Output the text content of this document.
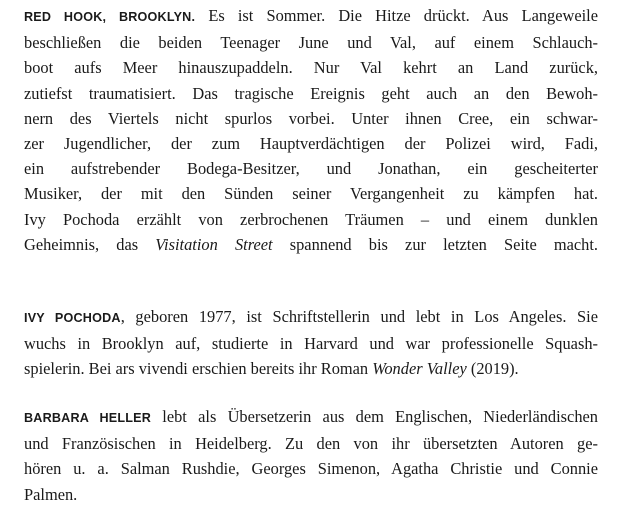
RED HOOK, BROOKLYN. Es ist Sommer. Die Hitze drückt. Aus Langeweile
beschließen die beiden Teenager June und Val, auf einem Schlauch-
boot aufs Meer hinauszupaddeln. Nur Val kehrt an Land zurück,
zutiefst traumatisiert. Das tragische Ereignis geht auch an den Bewoh-
nern des Viertels nicht spurlos vorbei. Unter ihnen Cree, ein schwar-
zer Jugendlicher, der zum Hauptverdächtigen der Polizei wird, Fadi,
ein aufstrebender Bodega-Besitzer, und Jonathan, ein gescheiterter
Musiker, der mit den Sünden seiner Vergangenheit zu kämpfen hat.
Ivy Pochoda erzählt von zerbrochenen Träumen – und einem dunklen
Geheimnis, das Visitation Street spannend bis zur letzten Seite macht.
IVY POCHODA, geboren 1977, ist Schriftstellerin und lebt in Los Angeles. Sie
wuchs in Brooklyn auf, studierte in Harvard und war professionelle Squash-
spielerin. Bei ars vivendi erschien bereits ihr Roman Wonder Valley (2019).
BARBARA HELLER lebt als Übersetzerin aus dem Englischen, Niederländischen
und Französischen in Heidelberg. Zu den von ihr übersetzten Autoren ge-
hören u. a. Salman Rushdie, Georges Simenon, Agatha Christie und Connie
Palmen.
